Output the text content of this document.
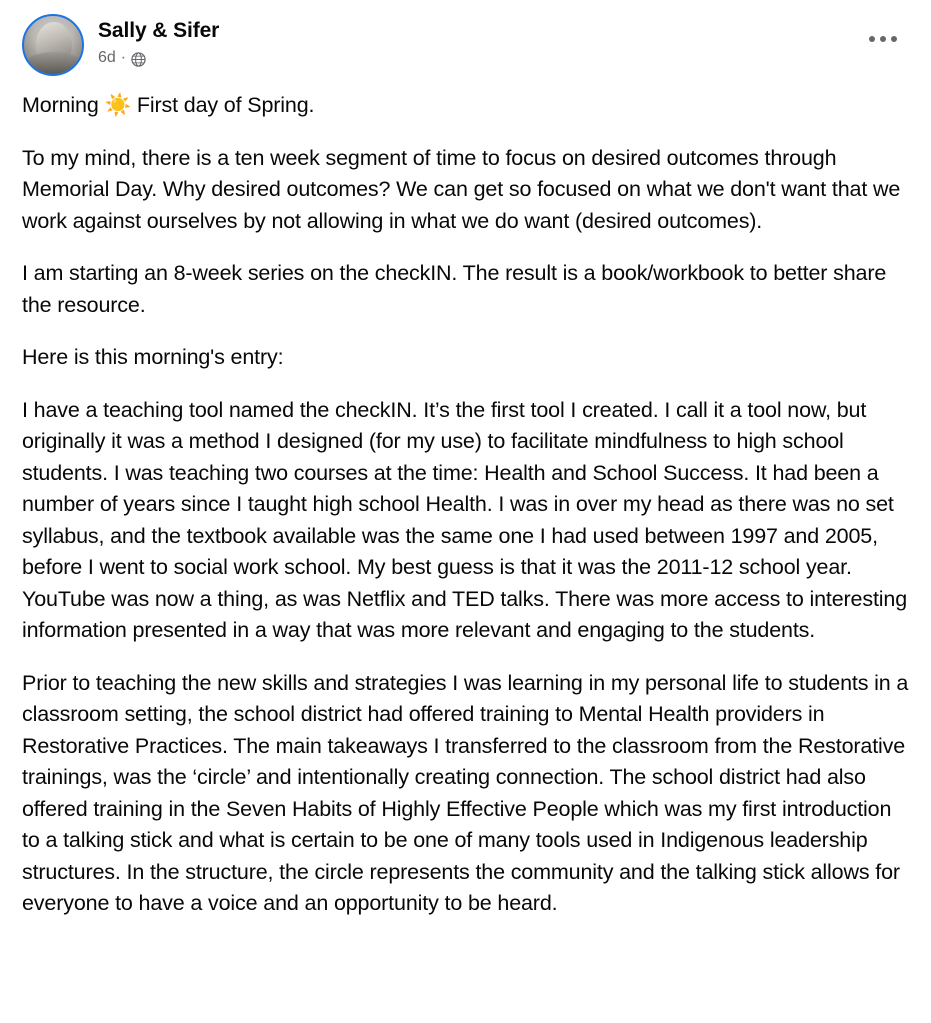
Sally & Sifer
6d ·

Morning ☀️ First day of Spring.

To my mind, there is a ten week segment of time to focus on desired outcomes through Memorial Day. Why desired outcomes? We can get so focused on what we don't want that we work against ourselves by not allowing in what we do want (desired outcomes).

I am starting an 8-week series on the checkIN. The result is a book/workbook to better share the resource.

Here is this morning's entry:

I have a teaching tool named the checkIN. It’s the first tool I created. I call it a tool now, but originally it was a method I designed (for my use) to facilitate mindfulness to high school students. I was teaching two courses at the time: Health and School Success. It had been a number of years since I taught high school Health. I was in over my head as there was no set syllabus, and the textbook available was the same one I had used between 1997 and 2005, before I went to social work school. My best guess is that it was the 2011-12 school year. YouTube was now a thing, as was Netflix and TED talks. There was more access to interesting information presented in a way that was more relevant and engaging to the students.

Prior to teaching the new skills and strategies I was learning in my personal life to students in a classroom setting, the school district had offered training to Mental Health providers in Restorative Practices. The main takeaways I transferred to the classroom from the Restorative trainings, was the ‘circle’ and intentionally creating connection. The school district had also offered training in the Seven Habits of Highly Effective People which was my first introduction to a talking stick and what is certain to be one of many tools used in Indigenous leadership structures. In the structure, the circle represents the community and the talking stick allows for everyone to have a voice and an opportunity to be heard.
